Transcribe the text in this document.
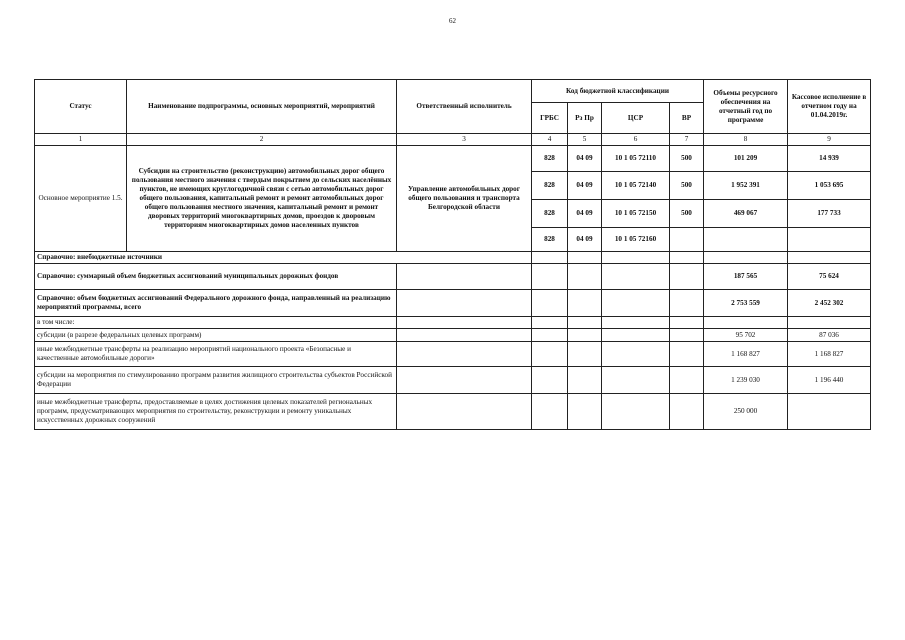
62
Статус	Наименование подпрограммы, основных мероприятий, мероприятий	Ответственный исполнитель	Код бюджетной классификации				Объемы ресурсного обеспечения на отчетный год по программе	Кассовое исполнение в отчетном году на 01.04.2019г.
			ГРБС	Рз Пр	ЦСР	ВР		
1	2	3	4	5	6	7	8	9
Основное мероприятие 1.5.	Субсидии на строительство (реконструкцию) автомобильных дорог общего пользования местного значения с твердым покрытием до сельских населённых пунктов, не имеющих круглогодичной связи с сетью автомобильных дорог общего пользования, капитальный ремонт и ремонт автомобильных дорог общего пользования местного значения, капитальный ремонт и ремонт дворовых территорий многоквартирных домов, проездов к дворовым территориям многоквартирных домов населенных пунктов	Управление автомобильных дорог общего пользования и транспорта Белгородской области	828	04 09	10 1 05 72110	500	101 209	14 939
			828	04 09	10 1 05 72140	500	1 952 391	1 053 695
			828	04 09	10 1 05 72150	500	469 067	177 733
			828	04 09	10 1 05 72160			
Справочно: внебюджетные источники								
Справочно: суммарный объем бюджетных ассигнований муниципальных дорожных фондов							187 565	75 624
Справочно: объем бюджетных ассигнований Федерального дорожного фонда, направленный на реализацию мероприятий программы, всего							2 753 559	2 452 302
в том числе:								
субсидии (в разрезе федеральных целевых программ)							95 702	87 036
иные межбюджетные трансферты на реализацию мероприятий национального проекта «Безопасные и качественные автомобильные дороги»							1 168 827	1 168 827
субсидии на мероприятия по стимулированию программ развития жилищного строительства субъектов Российской Федерации							1 239 030	1 196 440
иные межбюджетные трансферты, предоставляемые в целях достижения целевых показателей региональных программ, предусматривающих мероприятия по строительству, реконструкции и ремонту уникальных искусственных дорожных сооружений							250 000	
